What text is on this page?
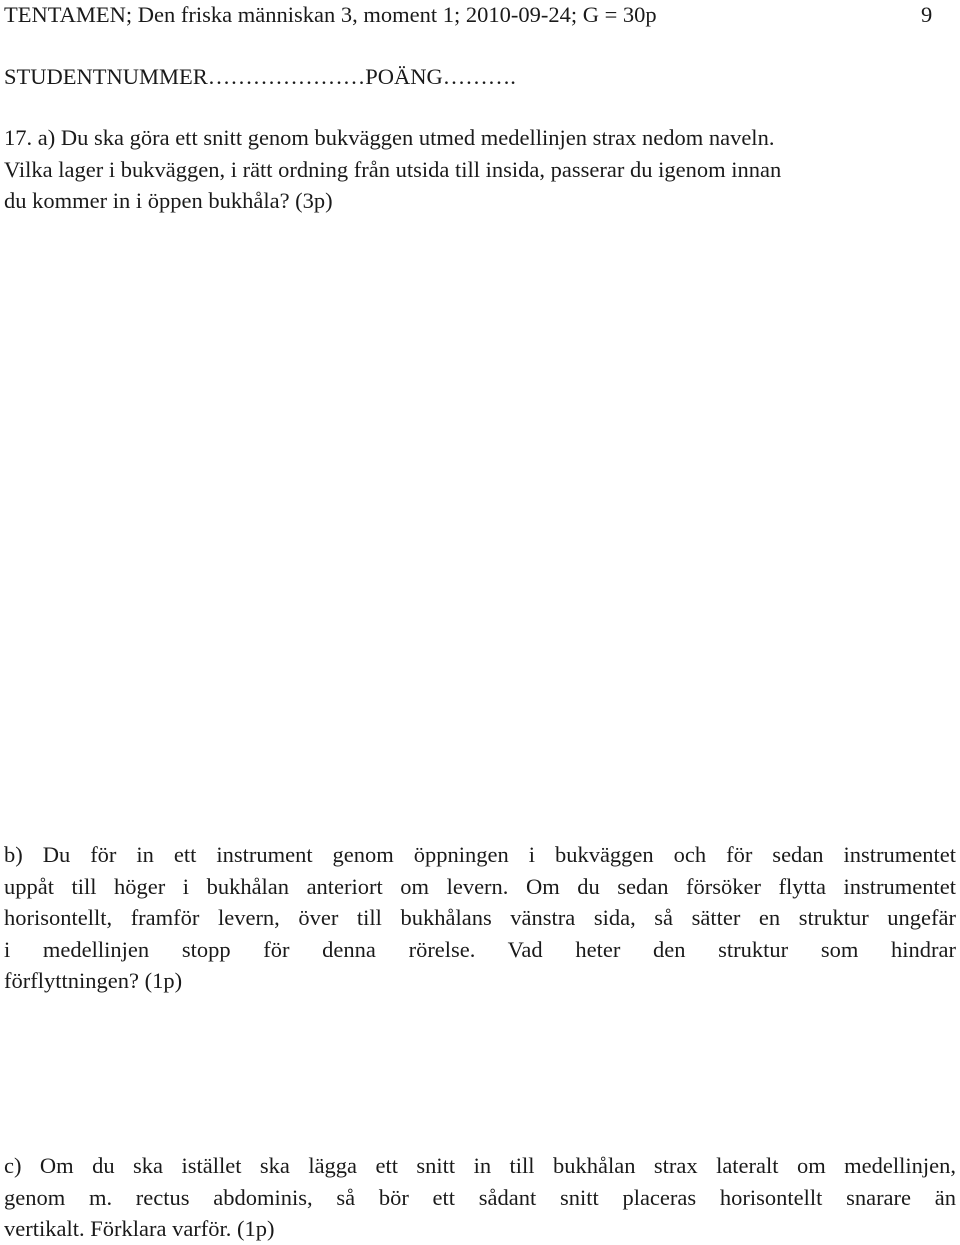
TENTAMEN; Den friska människan 3, moment 1; 2010-09-24; G = 30p	9
STUDENTNUMMER…………………POÄNG……….
17. a) Du ska göra ett snitt genom bukväggen utmed medellinjen strax nedom naveln.
Vilka lager i bukväggen, i rätt ordning från utsida till insida, passerar du igenom innan
du kommer in i öppen bukhåla? (3p)
b) Du för in ett instrument genom öppningen i bukväggen och för sedan instrumentet
uppåt till höger i bukhålan anteriort om levern. Om du sedan försöker flytta instrumentet
horisontellt, framför levern, över till bukhålans vänstra sida, så sätter en struktur ungefär
i medellinjen stopp för denna rörelse. Vad heter den struktur som hindrar
förflyttningen? (1p)
c) Om du ska istället ska lägga ett snitt in till bukhålan strax lateralt om medellinjen,
genom m. rectus abdominis, så bör ett sådant snitt placeras horisontellt snarare än
vertikalt. Förklara varför. (1p)
